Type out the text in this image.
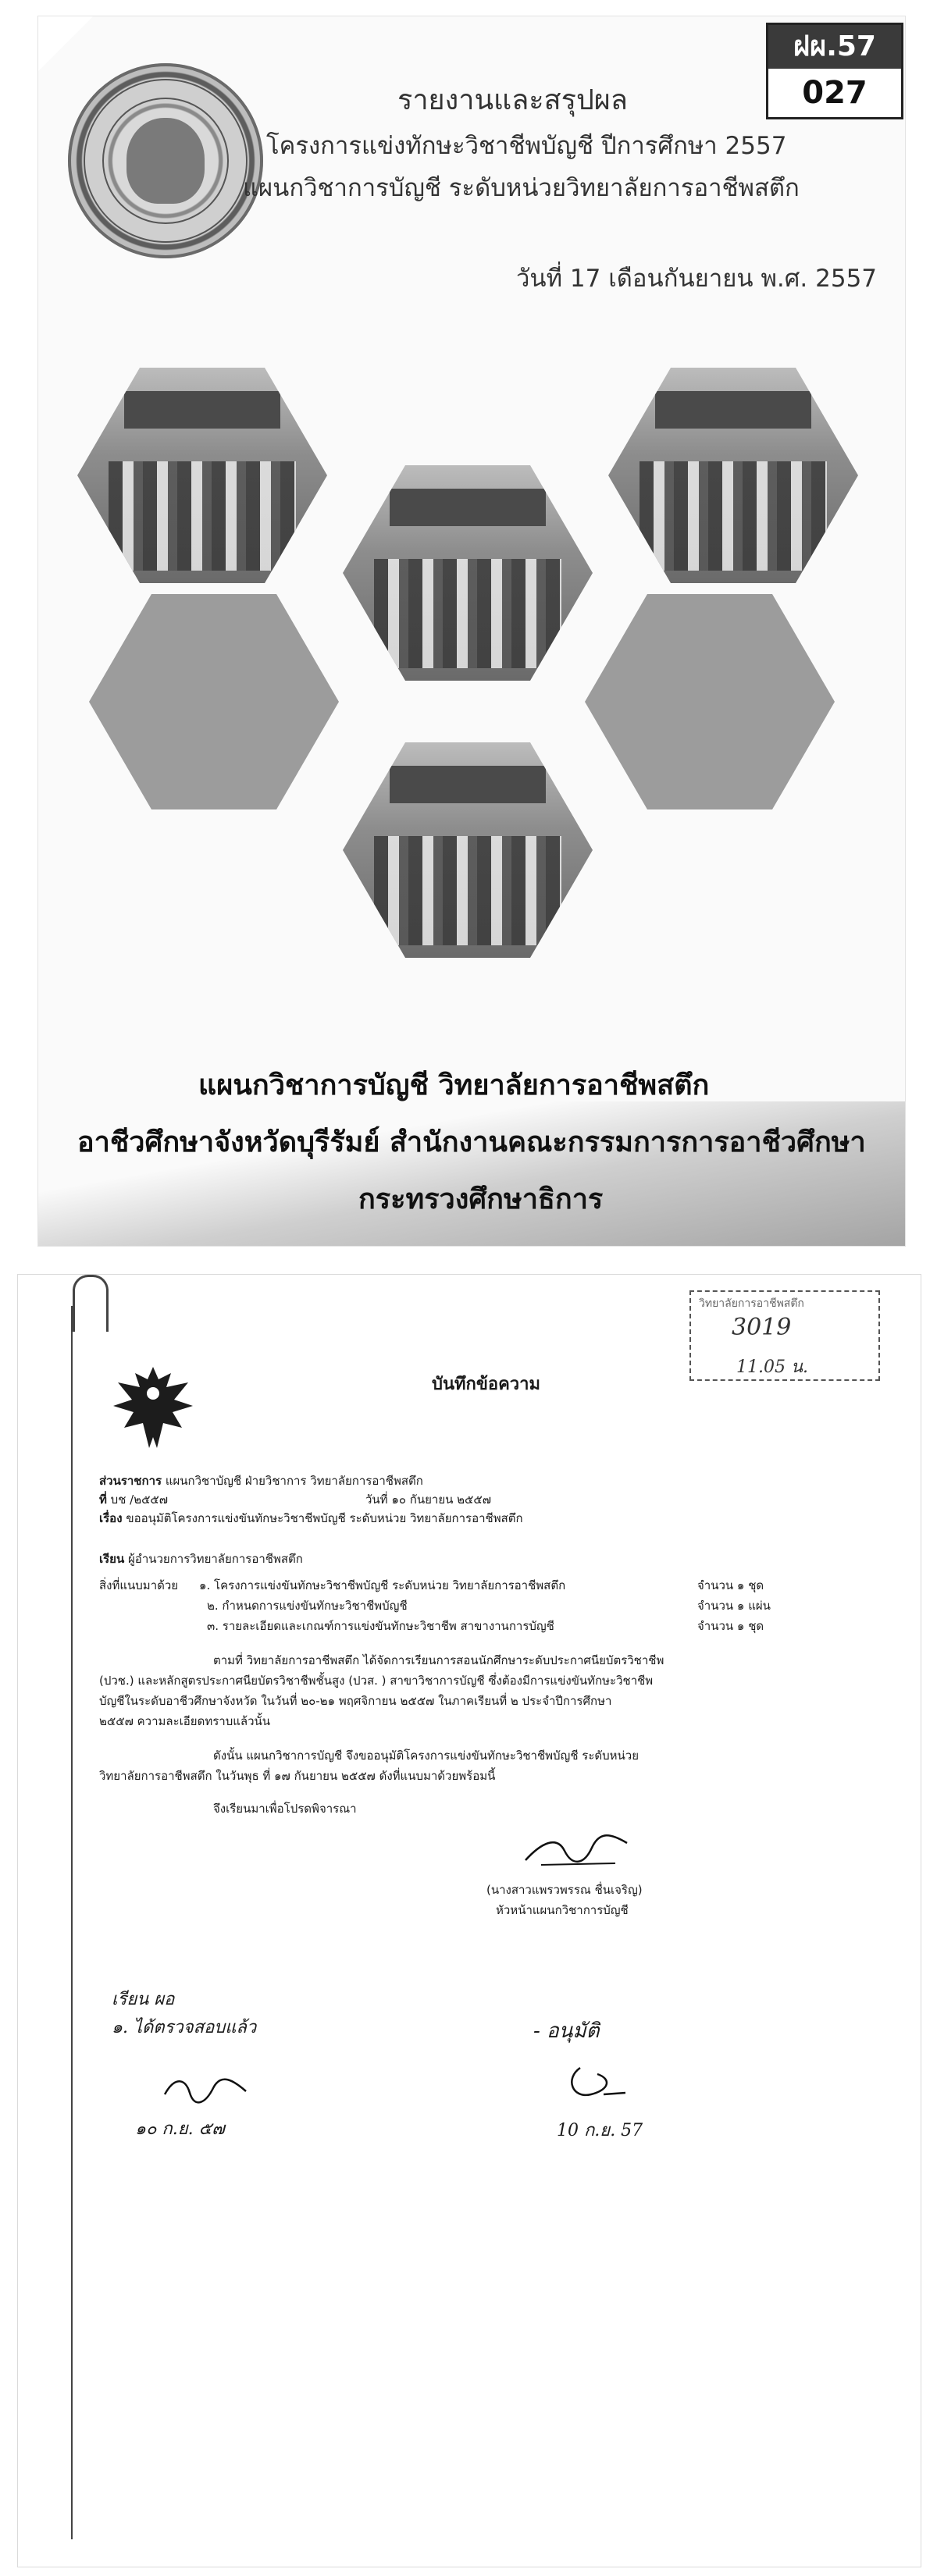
ฝผ.57
027
รายงานและสรุปผล
โครงการแข่งทักษะวิชาชีพบัญชี ปีการศึกษา 2557
แผนกวิชาการบัญชี ระดับหน่วยวิทยาลัยการอาชีพสตึก
วันที่ 17 เดือนกันยายน พ.ศ. 2557
แผนกวิชาการบัญชี วิทยาลัยการอาชีพสตึก
อาชีวศึกษาจังหวัดบุรีรัมย์ สำนักงานคณะกรรมการการอาชีวศึกษา
กระทรวงศึกษาธิการ
บันทึกข้อความ
วิทยาลัยการอาชีพสตึก
3019
11.05 น.
ส่วนราชการ แผนกวิชาบัญชี ฝ่ายวิชาการ วิทยาลัยการอาชีพสตึก
ที่ บช /๒๕๕๗	วันที่ ๑๐ กันยายน ๒๕๕๗
เรื่อง ขออนุมัติโครงการแข่งขันทักษะวิชาชีพบัญชี ระดับหน่วย วิทยาลัยการอาชีพสตึก
เรียน ผู้อำนวยการวิทยาลัยการอาชีพสตึก
สิ่งที่แนบมาด้วย ๑. โครงการแข่งขันทักษะวิชาชีพบัญชี ระดับหน่วย วิทยาลัยการอาชีพสตึก	จำนวน ๑ ชุด
๒. กำหนดการแข่งขันทักษะวิชาชีพบัญชี	จำนวน ๑ แผ่น
๓. รายละเอียดและเกณฑ์การแข่งขันทักษะวิชาชีพ สาขางานการบัญชี	จำนวน ๑ ชุด
ตามที่ วิทยาลัยการอาชีพสตึก ได้จัดการเรียนการสอนนักศึกษาระดับประกาศนียบัตรวิชาชีพ
(ปวช.) และหลักสูตรประกาศนียบัตรวิชาชีพชั้นสูง (ปวส. ) สาขาวิชาการบัญชี ซึ่งต้องมีการแข่งขันทักษะวิชาชีพ
บัญชีในระดับอาชีวศึกษาจังหวัด ในวันที่ ๒๐-๒๑ พฤศจิกายน ๒๕๕๗ ในภาคเรียนที่ ๒ ประจำปีการศึกษา
๒๕๕๗ ความละเอียดทราบแล้วนั้น
ดังนั้น แผนกวิชาการบัญชี จึงขออนุมัติโครงการแข่งขันทักษะวิชาชีพบัญชี ระดับหน่วย
วิทยาลัยการอาชีพสตึก ในวันพุธ ที่ ๑๗ กันยายน ๒๕๕๗ ดังที่แนบมาด้วยพร้อมนี้
จึงเรียนมาเพื่อโปรดพิจารณา
(นางสาวแพรวพรรณ ชื่นเจริญ)
หัวหน้าแผนกวิชาการบัญชี
เรียน ผอ
๑. ได้ตรวจสอบแล้ว
๑๐ ก.ย. ๕๗
- อนุมัติ
10 ก.ย. 57
